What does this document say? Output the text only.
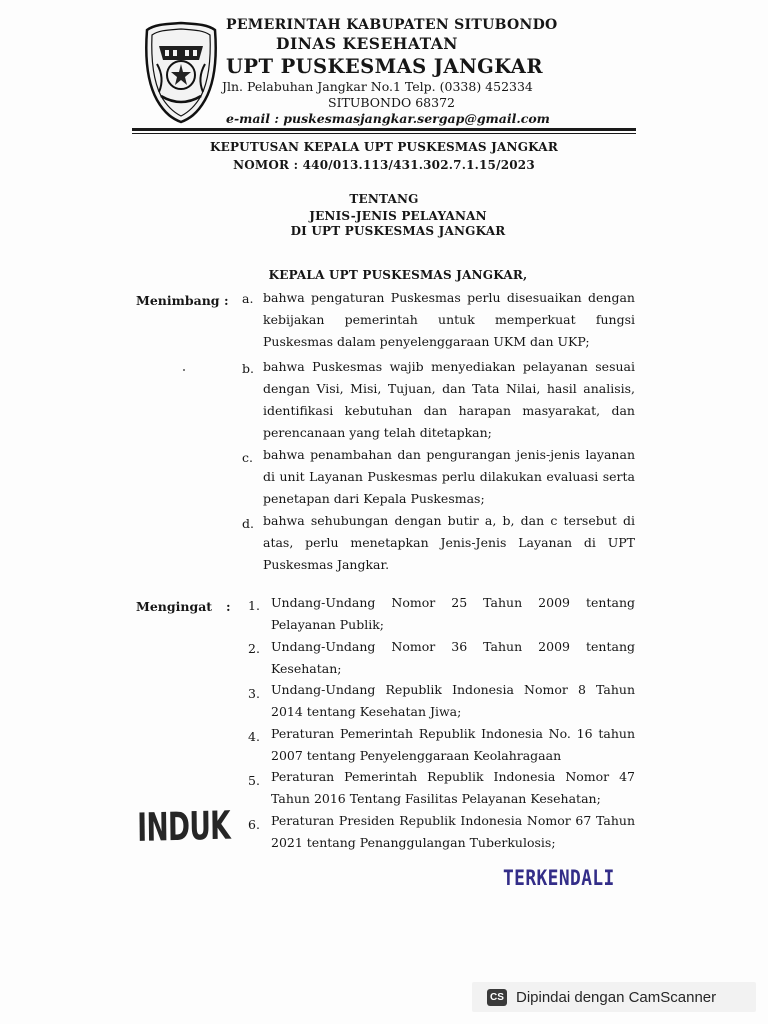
PEMERINTAH KABUPATEN SITUBONDO
DINAS KESEHATAN
UPT PUSKESMAS JANGKAR
Jln. Pelabuhan Jangkar No.1 Telp. (0338) 452334
SITUBONDO 68372
e-mail : puskesmasjangkar.sergap@gmail.com
KEPUTUSAN KEPALA UPT PUSKESMAS JANGKAR
NOMOR : 440/013.113/431.302.7.1.15/2023
TENTANG
JENIS-JENIS PELAYANAN
DI UPT PUSKESMAS JANGKAR
KEPALA UPT PUSKESMAS JANGKAR,
Menimbang : a. bahwa pengaturan Puskesmas perlu disesuaikan dengan kebijakan pemerintah untuk memperkuat fungsi Puskesmas dalam penyelenggaraan UKM dan UKP;
b. bahwa Puskesmas wajib menyediakan pelayanan sesuai dengan Visi, Misi, Tujuan, dan Tata Nilai, hasil analisis, identifikasi kebutuhan dan harapan masyarakat, dan perencanaan yang telah ditetapkan;
c. bahwa penambahan dan pengurangan jenis-jenis layanan di unit Layanan Puskesmas perlu dilakukan evaluasi serta penetapan dari Kepala Puskesmas;
d. bahwa sehubungan dengan butir a, b, dan c tersebut di atas, perlu menetapkan Jenis-Jenis Layanan di UPT Puskesmas Jangkar.
Mengingat : 1. Undang-Undang Nomor 25 Tahun 2009 tentang Pelayanan Publik;
2. Undang-Undang Nomor 36 Tahun 2009 tentang Kesehatan;
3. Undang-Undang Republik Indonesia Nomor 8 Tahun 2014 tentang Kesehatan Jiwa;
4. Peraturan Pemerintah Republik Indonesia No. 16 tahun 2007 tentang Penyelenggaraan Keolahragaan
5. Peraturan Pemerintah Republik Indonesia Nomor 47 Tahun 2016 Tentang Fasilitas Pelayanan Kesehatan;
6. Peraturan Presiden Republik Indonesia Nomor 67 Tahun 2021 tentang Penanggulangan Tuberkulosis;
INDUK
TERKENDALI
CS Dipindai dengan CamScanner
